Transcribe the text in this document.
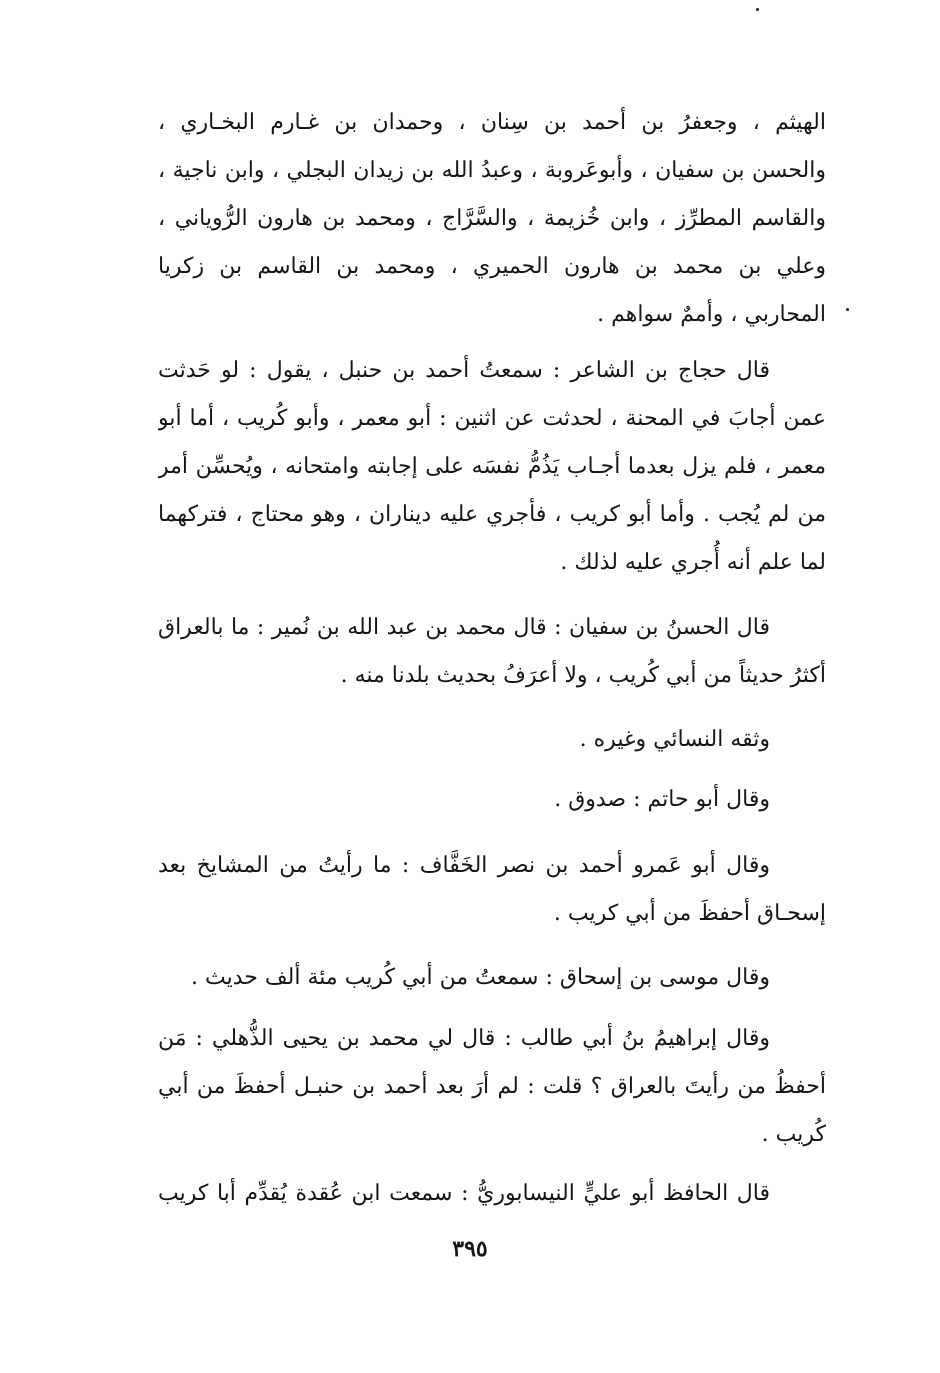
الهيثم ، وجعفرُ بن أحمد بن سِنان ، وحمدان بن غـارم البخـاري ،
والحسن بن سفيان ، وأبوعَروبة ، وعبدُ الله بن زيدان البجلي ، وابن ناجية ،
والقاسم المطرِّز ، وابن خُزيمة ، والسَّرَّاج ، ومحمد بن هارون الرُّوياني ،
وعلي بن محمد بن هارون الحميري ، ومحمد بن القاسم بن زكريا
المحاربي ، وأممٌ سواهم .
قال حجاج بن الشاعر : سمعتُ أحمد بن حنبل ، يقول : لو حَدثت
عمن أجابَ في المحنة ، لحدثت عن اثنين : أبو معمر ، وأبو كُريب ، أما أبو
معمر ، فلم يزل بعدما أجـاب يَذُمُّ نفسَه على إجابته وامتحانه ، ويُحسِّن أمر
من لم يُجب . وأما أبو كريب ، فأجري عليه ديناران ، وهو محتاج ، فتركهما
لما علم أنه أُجري عليه لذلك .
قال الحسنُ بن سفيان : قال محمد بن عبد الله بن نُمير : ما بالعراق
أكثرُ حديثاً من أبي كُريب ، ولا أعرَفُ بحديث بلدنا منه .
وثقه النسائي وغيره .
وقال أبو حاتم : صدوق .
وقال أبو عَمرو أحمد بن نصر الخَفَّاف : ما رأيتُ من المشايخ بعد
إسحـاق أحفظَ من أبي كريب .
وقال موسى بن إسحاق : سمعتُ من أبي كُريب مئة ألف حديث .
وقال إبراهيمُ بنُ أبي طالب : قال لي محمد بن يحيى الذُّهلي : مَن
أحفظُ من رأيتَ بالعراق ؟ قلت : لم أرَ بعد أحمد بن حنبـل أحفظَ من أبي
كُريب .
قال الحافظ أبو عليٍّ النيسابوريُّ : سمعت ابن عُقدة يُقدِّم أبا كريب
٣٩٥
